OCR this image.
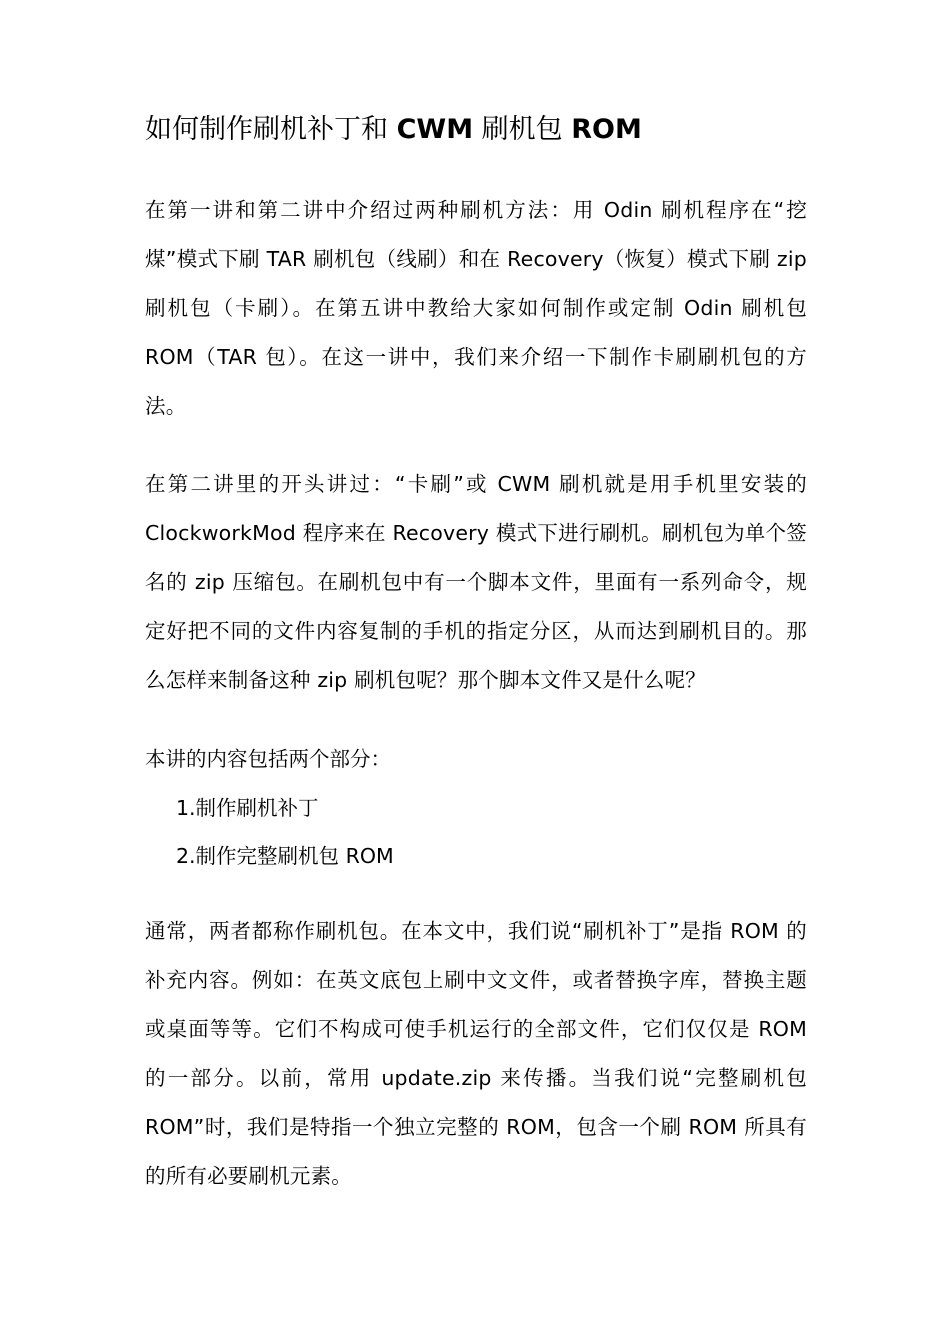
如何制作刷机补丁和 CWM 刷机包 ROM

在第一讲和第二讲中介绍过两种刷机方法：用 Odin 刷机程序在“挖煤”模式下刷 TAR 刷机包（线刷）和在 Recovery（恢复）模式下刷 zip 刷机包（卡刷）。在第五讲中教给大家如何制作或定制 Odin 刷机包 ROM（TAR 包）。在这一讲中，我们来介绍一下制作卡刷刷机包的方法。

在第二讲里的开头讲过：“卡刷”或 CWM 刷机就是用手机里安装的 ClockworkMod 程序来在 Recovery 模式下进行刷机。刷机包为单个签名的 zip 压缩包。在刷机包中有一个脚本文件，里面有一系列命令，规定好把不同的文件内容复制的手机的指定分区，从而达到刷机目的。那么怎样来制备这种 zip 刷机包呢？那个脚本文件又是什么呢？

本讲的内容包括两个部分：
1.制作刷机补丁
2.制作完整刷机包 ROM

通常，两者都称作刷机包。在本文中，我们说“刷机补丁”是指 ROM 的补充内容。例如：在英文底包上刷中文文件，或者替换字库，替换主题或桌面等等。它们不构成可使手机运行的全部文件，它们仅仅是 ROM 的一部分。以前，常用 update.zip 来传播。当我们说“完整刷机包 ROM”时，我们是特指一个独立完整的 ROM，包含一个刷 ROM 所具有的所有必要刷机元素。
